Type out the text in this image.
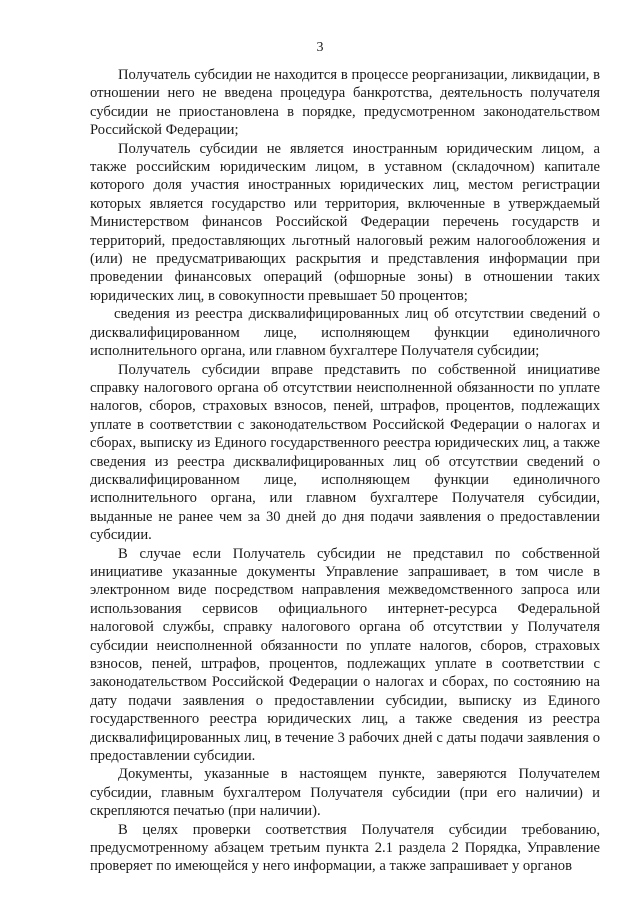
3

Получатель субсидии не находится в процессе реорганизации, ликвидации, в отношении него не введена процедура банкротства, деятельность получателя субсидии не приостановлена в порядке, предусмотренном законодательством Российской Федерации;

Получатель субсидии не является иностранным юридическим лицом, а также российским юридическим лицом, в уставном (складочном) капитале которого доля участия иностранных юридических лиц, местом регистрации которых является государство или территория, включенные в утверждаемый Министерством финансов Российской Федерации перечень государств и территорий, предоставляющих льготный налоговый режим налогообложения и (или) не предусматривающих раскрытия и представления информации при проведении финансовых операций (офшорные зоны) в отношении таких юридических лиц, в совокупности превышает 50 процентов;

сведения из реестра дисквалифицированных лиц об отсутствии сведений о дисквалифицированном лице, исполняющем функции единоличного исполнительного органа, или главном бухгалтере Получателя субсидии;

Получатель субсидии вправе представить по собственной инициативе справку налогового органа об отсутствии неисполненной обязанности по уплате налогов, сборов, страховых взносов, пеней, штрафов, процентов, подлежащих уплате в соответствии с законодательством Российской Федерации о налогах и сборах, выписку из Единого государственного реестра юридических лиц, а также сведения из реестра дисквалифицированных лиц об отсутствии сведений о дисквалифицированном лице, исполняющем функции единоличного исполнительного органа, или главном бухгалтере Получателя субсидии, выданные не ранее чем за 30 дней до дня подачи заявления о предоставлении субсидии.

В случае если Получатель субсидии не представил по собственной инициативе указанные документы Управление запрашивает, в том числе в электронном виде посредством направления межведомственного запроса или использования сервисов официального интернет-ресурса Федеральной налоговой службы, справку налогового органа об отсутствии у Получателя субсидии неисполненной обязанности по уплате налогов, сборов, страховых взносов, пеней, штрафов, процентов, подлежащих уплате в соответствии с законодательством Российской Федерации о налогах и сборах, по состоянию на дату подачи заявления о предоставлении субсидии, выписку из Единого государственного реестра юридических лиц, а также сведения из реестра дисквалифицированных лиц, в течение 3 рабочих дней с даты подачи заявления о предоставлении субсидии.

Документы, указанные в настоящем пункте, заверяются Получателем субсидии, главным бухгалтером Получателя субсидии (при его наличии) и скрепляются печатью (при наличии).

В целях проверки соответствия Получателя субсидии требованию, предусмотренному абзацем третьим пункта 2.1 раздела 2 Порядка, Управление проверяет по имеющейся у него информации, а также запрашивает у органов
